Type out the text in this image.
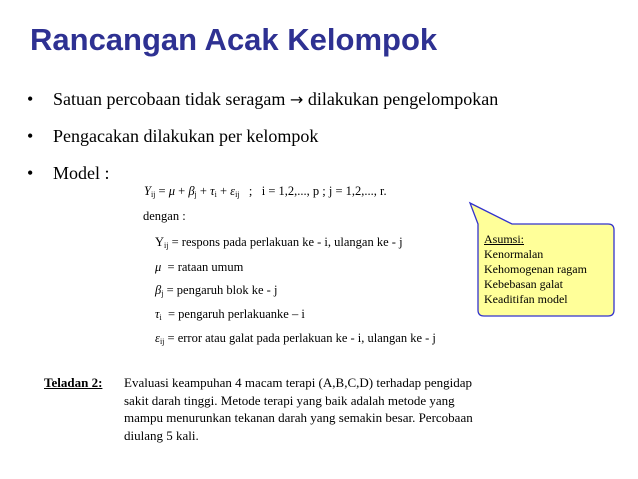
Rancangan Acak Kelompok
• Satuan percobaan tidak seragam → dilakukan pengelompokan
• Pengacakan dilakukan per kelompok
• Model :
$Y_{ij} = \mu + \beta_j + \tau_i + \varepsilon_{ij}$ ; i = 1,2,..., p ; j = 1,2,..., r.
dengan :
$Y_{ij}$ = respons pada perlakuan ke - i, ulangan ke - j
μ = rataan umum
$\beta_j$ = pengaruh blok ke - j
$\tau_i$ = pengaruh perlakuanke – i
$\varepsilon_{ij}$ = error atau galat pada perlakuan ke - i, ulangan ke - j
Asumsi:
Kenormalan
Kehomogenan ragam
Kebebasan galat
Keaditifan model
Teladan 2: Evaluasi keampuhan 4 macam terapi (A,B,C,D) terhadap pengidap
sakit darah tinggi. Metode terapi yang baik adalah metode yang
mampu menurunkan tekanan darah yang semakin besar. Percobaan
diulang 5 kali.
